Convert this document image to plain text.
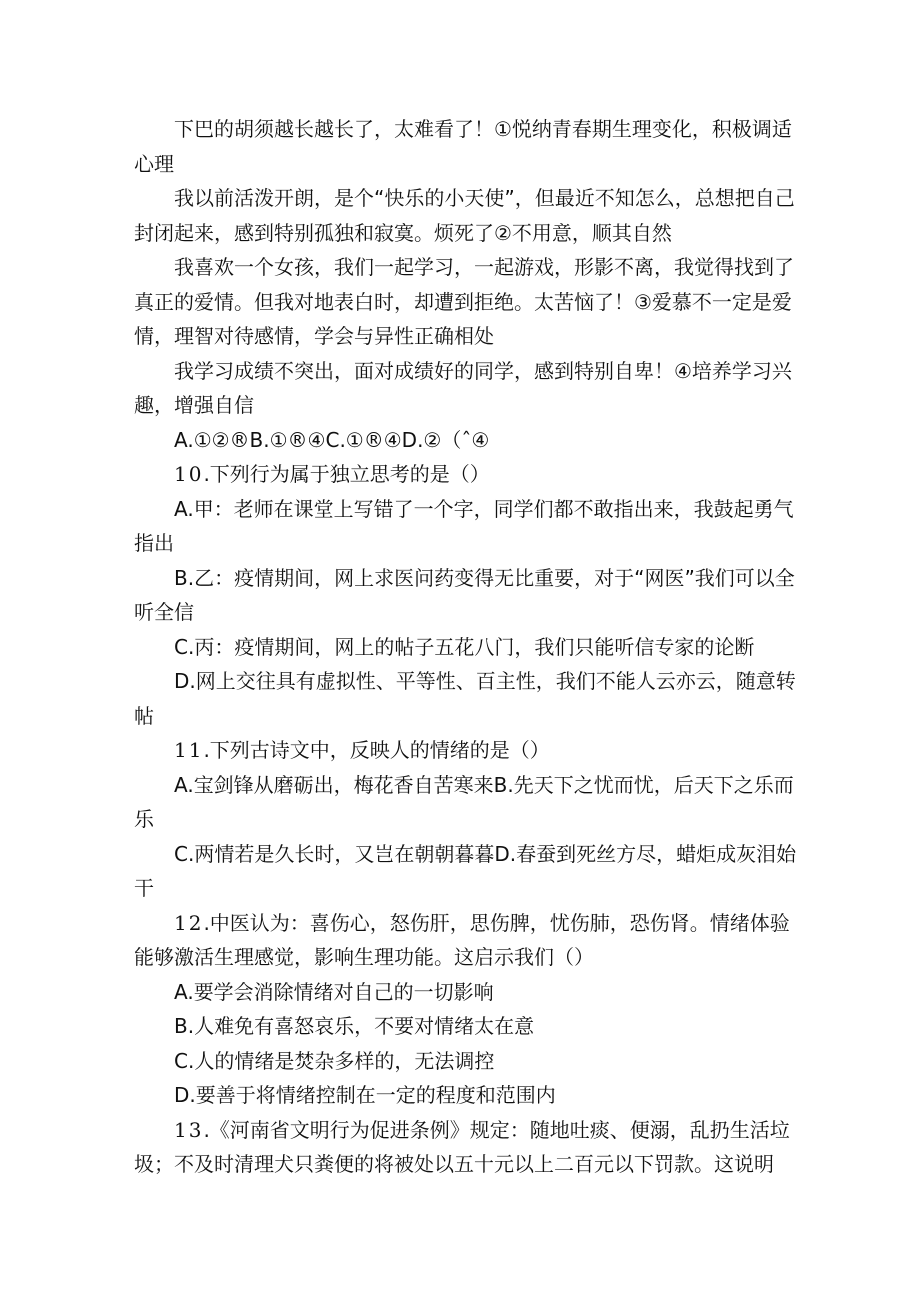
下巴的胡须越长越长了，太难看了！①悦纳青春期生理变化，积极调适心理

我以前活泼开朗，是个“快乐的小天使”，但最近不知怎么，总想把自己封闭起来，感到特别孤独和寂寞。烦死了②不用意，顺其自然

我喜欢一个女孩，我们一起学习，一起游戏，形影不离，我觉得找到了真正的爱情。但我对地表白时，却遭到拒绝。太苦恼了！③爱慕不一定是爱情，理智对待感情，学会与异性正确相处

我学习成绩不突出，面对成绩好的同学，感到特别自卑！④培养学习兴趣，增强自信

A.①②®B.①®④C.①®④D.②（ˆ④

10.下列行为属于独立思考的是（）

A.甲：老师在课堂上写错了一个字，同学们都不敢指出来，我鼓起勇气指出

B.乙：疫情期间，网上求医问药变得无比重要，对于“网医”我们可以全听全信

C.丙：疫情期间，网上的帖子五花八门，我们只能听信专家的论断

D.网上交往具有虚拟性、平等性、百主性，我们不能人云亦云，随意转帖

11.下列古诗文中，反映人的情绪的是（）

A.宝剑锋从磨砺出，梅花香自苦寒来B.先天下之忧而忧，后天下之乐而乐

C.两情若是久长时，又岂在朝朝暮暮D.春蚕到死丝方尽，蜡炬成灰泪始干

12.中医认为：喜伤心，怒伤肝，思伤脾，忧伤肺，恐伤肾。情绪体验能够激活生理感觉，影响生理功能。这启示我们（）

A.要学会消除情绪对自己的一切影响

B.人难免有喜怒哀乐，不要对情绪太在意

C.人的情绪是焚杂多样的，无法调控

D.要善于将情绪控制在一定的程度和范围内

13.《河南省文明行为促进条例》规定：随地吐痰、便溺，乱扔生活垃圾；不及时清理犬只粪便的将被处以五十元以上二百元以下罚款。这说明
